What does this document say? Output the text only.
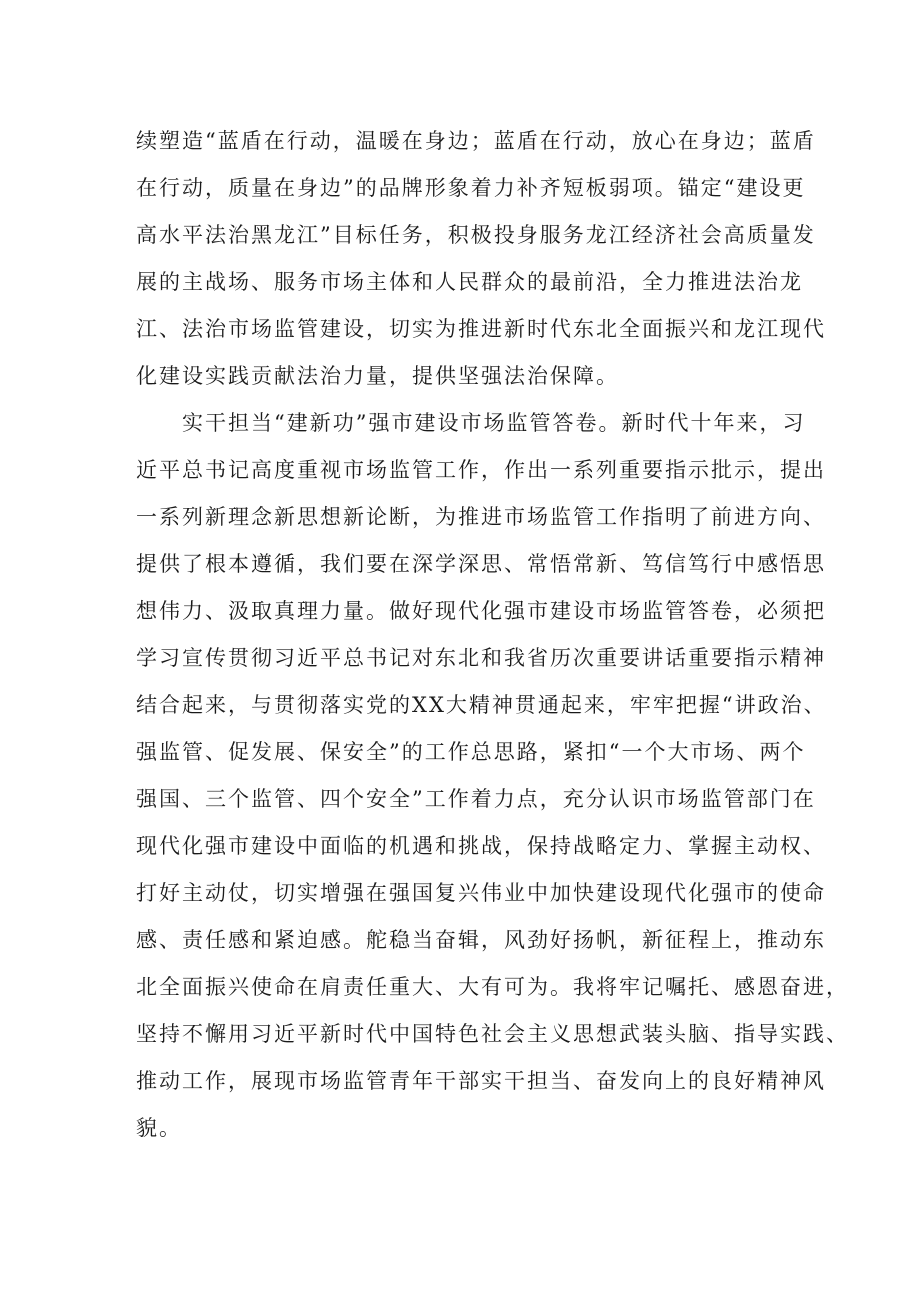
续塑造“蓝盾在行动，温暖在身边；蓝盾在行动，放心在身边；蓝盾
在行动，质量在身边”的品牌形象着力补齐短板弱项。锚定“建设更
高水平法治黑龙江”目标任务，积极投身服务龙江经济社会高质量发
展的主战场、服务市场主体和人民群众的最前沿，全力推进法治龙
江、法治市场监管建设，切实为推进新时代东北全面振兴和龙江现代
化建设实践贡献法治力量，提供坚强法治保障。
实干担当“建新功”强市建设市场监管答卷。新时代十年来，习
近平总书记高度重视市场监管工作，作出一系列重要指示批示，提出
一系列新理念新思想新论断，为推进市场监管工作指明了前进方向、
提供了根本遵循，我们要在深学深思、常悟常新、笃信笃行中感悟思
想伟力、汲取真理力量。做好现代化强市建设市场监管答卷，必须把
学习宣传贯彻习近平总书记对东北和我省历次重要讲话重要指示精神
结合起来，与贯彻落实党的XX大精神贯通起来，牢牢把握“讲政治、
强监管、促发展、保安全”的工作总思路，紧扣“一个大市场、两个
强国、三个监管、四个安全”工作着力点，充分认识市场监管部门在
现代化强市建设中面临的机遇和挑战，保持战略定力、掌握主动权、
打好主动仗，切实增强在强国复兴伟业中加快建设现代化强市的使命
感、责任感和紧迫感。舵稳当奋辑，风劲好扬帆，新征程上，推动东
北全面振兴使命在肩责任重大、大有可为。我将牢记嘱托、感恩奋进，
坚持不懈用习近平新时代中国特色社会主义思想武装头脑、指导实践、
推动工作，展现市场监管青年干部实干担当、奋发向上的良好精神风
貌。
